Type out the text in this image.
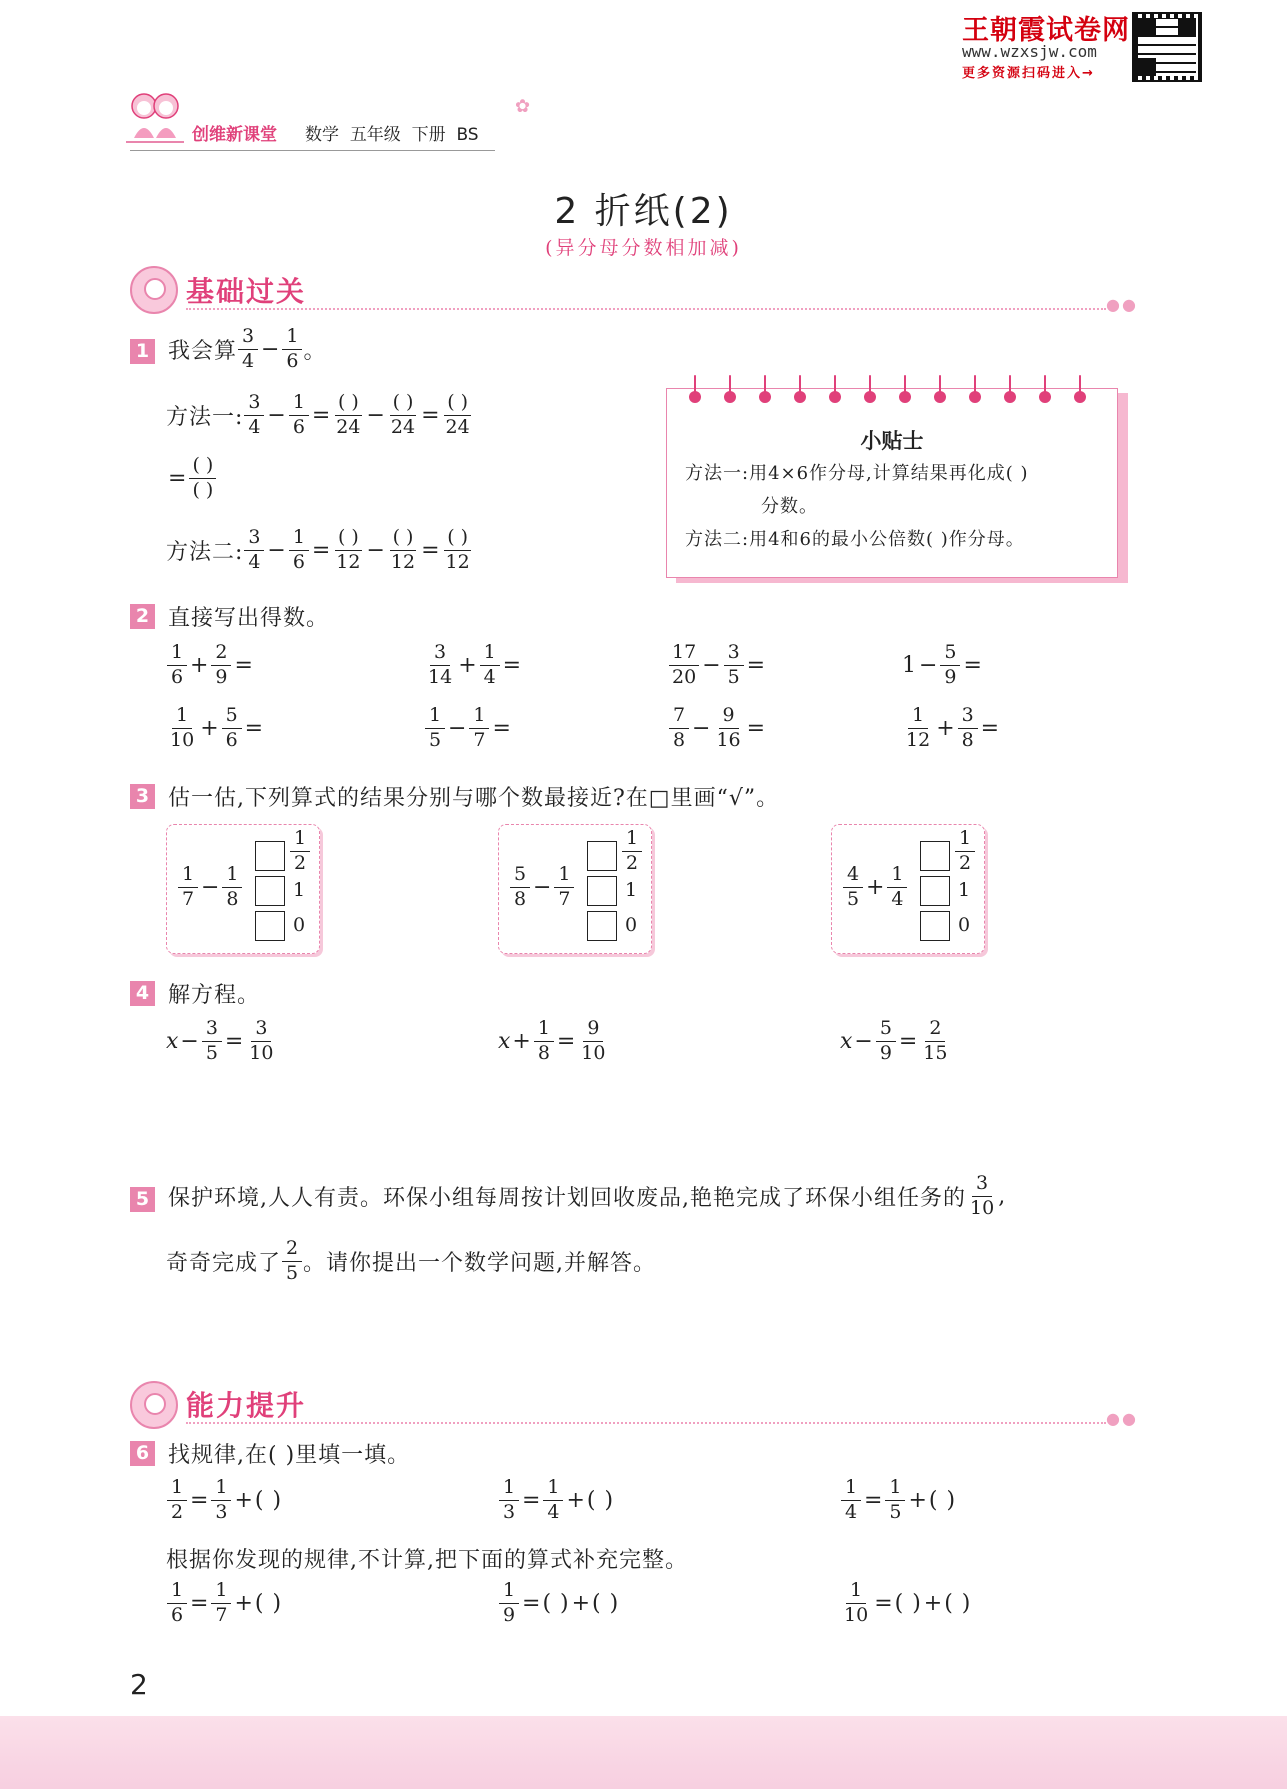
王朝霞试卷网
www.wzxsjw.com
更多资源扫码进入→
创维新课堂 数学 五年级 下册 BS
✿
2 折纸(2)
(异分母分数相加减)
基础过关	●●
1 我会算 $\frac{3}{4} - \frac{1}{6}$ 。
方法一: $\frac{3}{4} - \frac{1}{6} = \frac{( )}{24} - \frac{( )}{24} = \frac{( )}{24}$
= $\frac{( )}{( )}$
方法二: $\frac{3}{4} - \frac{1}{6} = \frac{( )}{12} - \frac{( )}{12} = \frac{( )}{12}$
小贴士
方法一:用4×6作分母,计算结果再化成( )
分数。
方法二:用4和6的最小公倍数( )作分母。
2 直接写出得数。
$\frac{1}{6} + \frac{2}{9}$ =	$\frac{3}{14} + \frac{1}{4}$ =	$\frac{17}{20} - \frac{3}{5}$ =	$1 - \frac{5}{9}$ =
$\frac{1}{10} + \frac{5}{6}$ =	$\frac{1}{5} - \frac{1}{7}$ =	$\frac{7}{8} - \frac{9}{16}$ =	$\frac{1}{12} + \frac{3}{8}$ =
3 估一估,下列算式的结果分别与哪个数最接近?在□里画“√”。
$\frac{1}{7} - \frac{1}{8}$
$\frac{1}{2}$
1
0
$\frac{5}{8} - \frac{1}{7}$
$\frac{1}{2}$
1
0
$\frac{4}{5} + \frac{1}{4}$
$\frac{1}{2}$
1
0
4 解方程。
$x - \frac{3}{5} = \frac{3}{10}$	$x + \frac{1}{8} = \frac{9}{10}$	$x - \frac{5}{9} = \frac{2}{15}$
5 保护环境,人人有责。环保小组每周按计划回收废品,艳艳完成了环保小组任务的 $\frac{3}{10}$ ,
奇奇完成了 $\frac{2}{5}$ 。请你提出一个数学问题,并解答。
能力提升	●●
6 找规律,在( )里填一填。
$\frac{1}{2} = \frac{1}{3}$ + ( )	$\frac{1}{3} = \frac{1}{4}$ + ( )	$\frac{1}{4} = \frac{1}{5}$ + ( )
根据你发现的规律,不计算,把下面的算式补充完整。
$\frac{1}{6} = \frac{1}{7}$ + ( )	$\frac{1}{9}$ = ( ) + ( )	$\frac{1}{10}$ = ( ) + ( )
2
